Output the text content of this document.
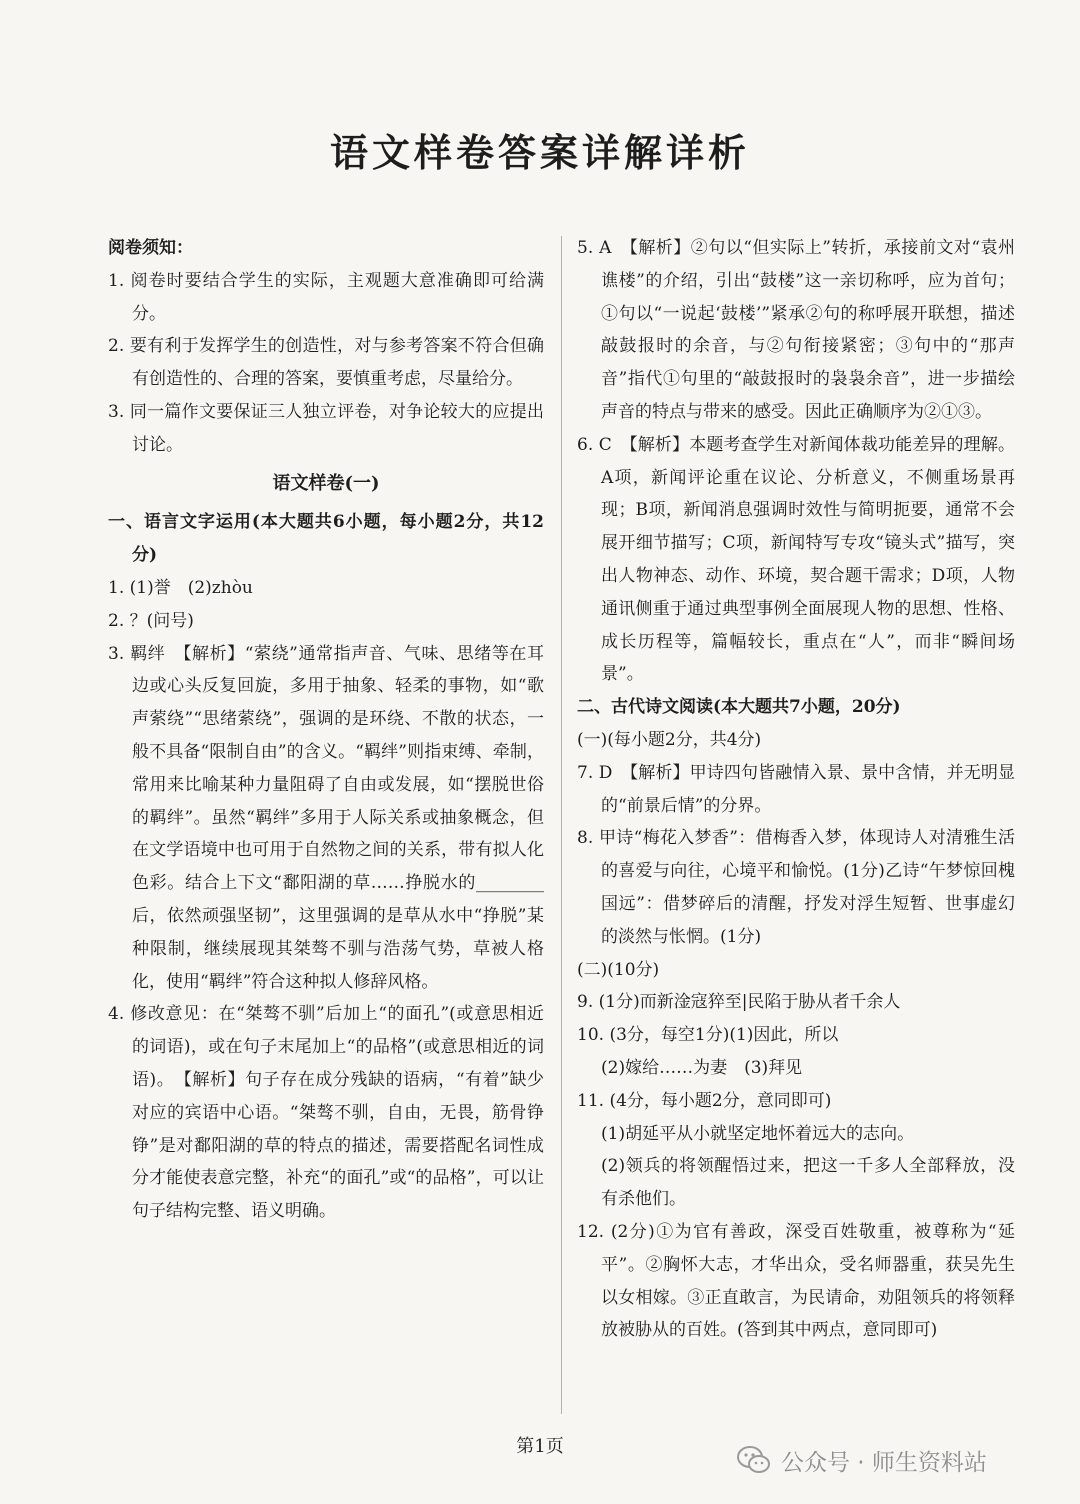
语文样卷答案详解详析

阅卷须知：

1. 阅卷时要结合学生的实际，主观题大意准确即可给满分。

2. 要有利于发挥学生的创造性，对与参考答案不符合但确有创造性的、合理的答案，要慎重考虑，尽量给分。

3. 同一篇作文要保证三人独立评卷，对争论较大的应提出讨论。

语文样卷(一)

一、语言文字运用(本大题共6小题，每小题2分，共12分)

1. (1)誉　(2)zhòu

2. ？(问号)

3. 羁绊　【解析】“萦绕”通常指声音、气味、思绪等在耳边或心头反复回旋，多用于抽象、轻柔的事物，如“歌声萦绕”“思绪萦绕”，强调的是环绕、不散的状态，一般不具备“限制自由”的含义。“羁绊”则指束缚、牵制，常用来比喻某种力量阻碍了自由或发展，如“摆脱世俗的羁绊”。虽然“羁绊”多用于人际关系或抽象概念，但在文学语境中也可用于自然物之间的关系，带有拟人化色彩。结合上下文“鄱阳湖的草……挣脱水的________后，依然顽强坚韧”，这里强调的是草从水中“挣脱”某种限制，继续展现其桀骜不驯与浩荡气势，草被人格化，使用“羁绊”符合这种拟人修辞风格。

4. 修改意见：在“桀骜不驯”后加上“的面孔”(或意思相近的词语)，或在句子末尾加上“的品格”(或意思相近的词语)。　【解析】句子存在成分残缺的语病，“有着”缺少对应的宾语中心语。“桀骜不驯，自由，无畏，筋骨铮铮”是对鄱阳湖的草的特点的描述，需要搭配名词性成分才能使表意完整，补充“的面孔”或“的品格”，可以让句子结构完整、语义明确。

5. A　【解析】②句以“但实际上”转折，承接前文对“袁州谯楼”的介绍，引出“鼓楼”这一亲切称呼，应为首句；①句以“一说起‘鼓楼’”紧承②句的称呼展开联想，描述敲鼓报时的余音，与②句衔接紧密；③句中的“那声音”指代①句里的“敲鼓报时的袅袅余音”，进一步描绘声音的特点与带来的感受。因此正确顺序为②①③。

6. C　【解析】本题考查学生对新闻体裁功能差异的理解。A项，新闻评论重在议论、分析意义，不侧重场景再现；B项，新闻消息强调时效性与简明扼要，通常不会展开细节描写；C项，新闻特写专攻“镜头式”描写，突出人物神态、动作、环境，契合题干需求；D项，人物通讯侧重于通过典型事例全面展现人物的思想、性格、成长历程等，篇幅较长，重点在“人”，而非“瞬间场景”。

二、古代诗文阅读(本大题共7小题，20分)

(一)(每小题2分，共4分)

7. D　【解析】甲诗四句皆融情入景、景中含情，并无明显的“前景后情”的分界。

8. 甲诗“梅花入梦香”：借梅香入梦，体现诗人对清雅生活的喜爱与向往，心境平和愉悦。(1分)乙诗“午梦惊回槐国远”：借梦碎后的清醒，抒发对浮生短暂、世事虚幻的淡然与怅惘。(1分)

(二)(10分)

9. (1分)而新淦寇猝至|民陷于胁从者千余人

10. (3分，每空1分)(1)因此，所以

(2)嫁给……为妻　(3)拜见

11. (4分，每小题2分，意同即可)

(1)胡延平从小就坚定地怀着远大的志向。

(2)领兵的将领醒悟过来，把这一千多人全部释放，没有杀他们。

12. (2分)①为官有善政，深受百姓敬重，被尊称为“延平”。②胸怀大志，才华出众，受名师器重，获吴先生以女相嫁。③正直敢言，为民请命，劝阻领兵的将领释放被胁从的百姓。(答到其中两点，意同即可)

第1页
公众号 · 师生资料站
